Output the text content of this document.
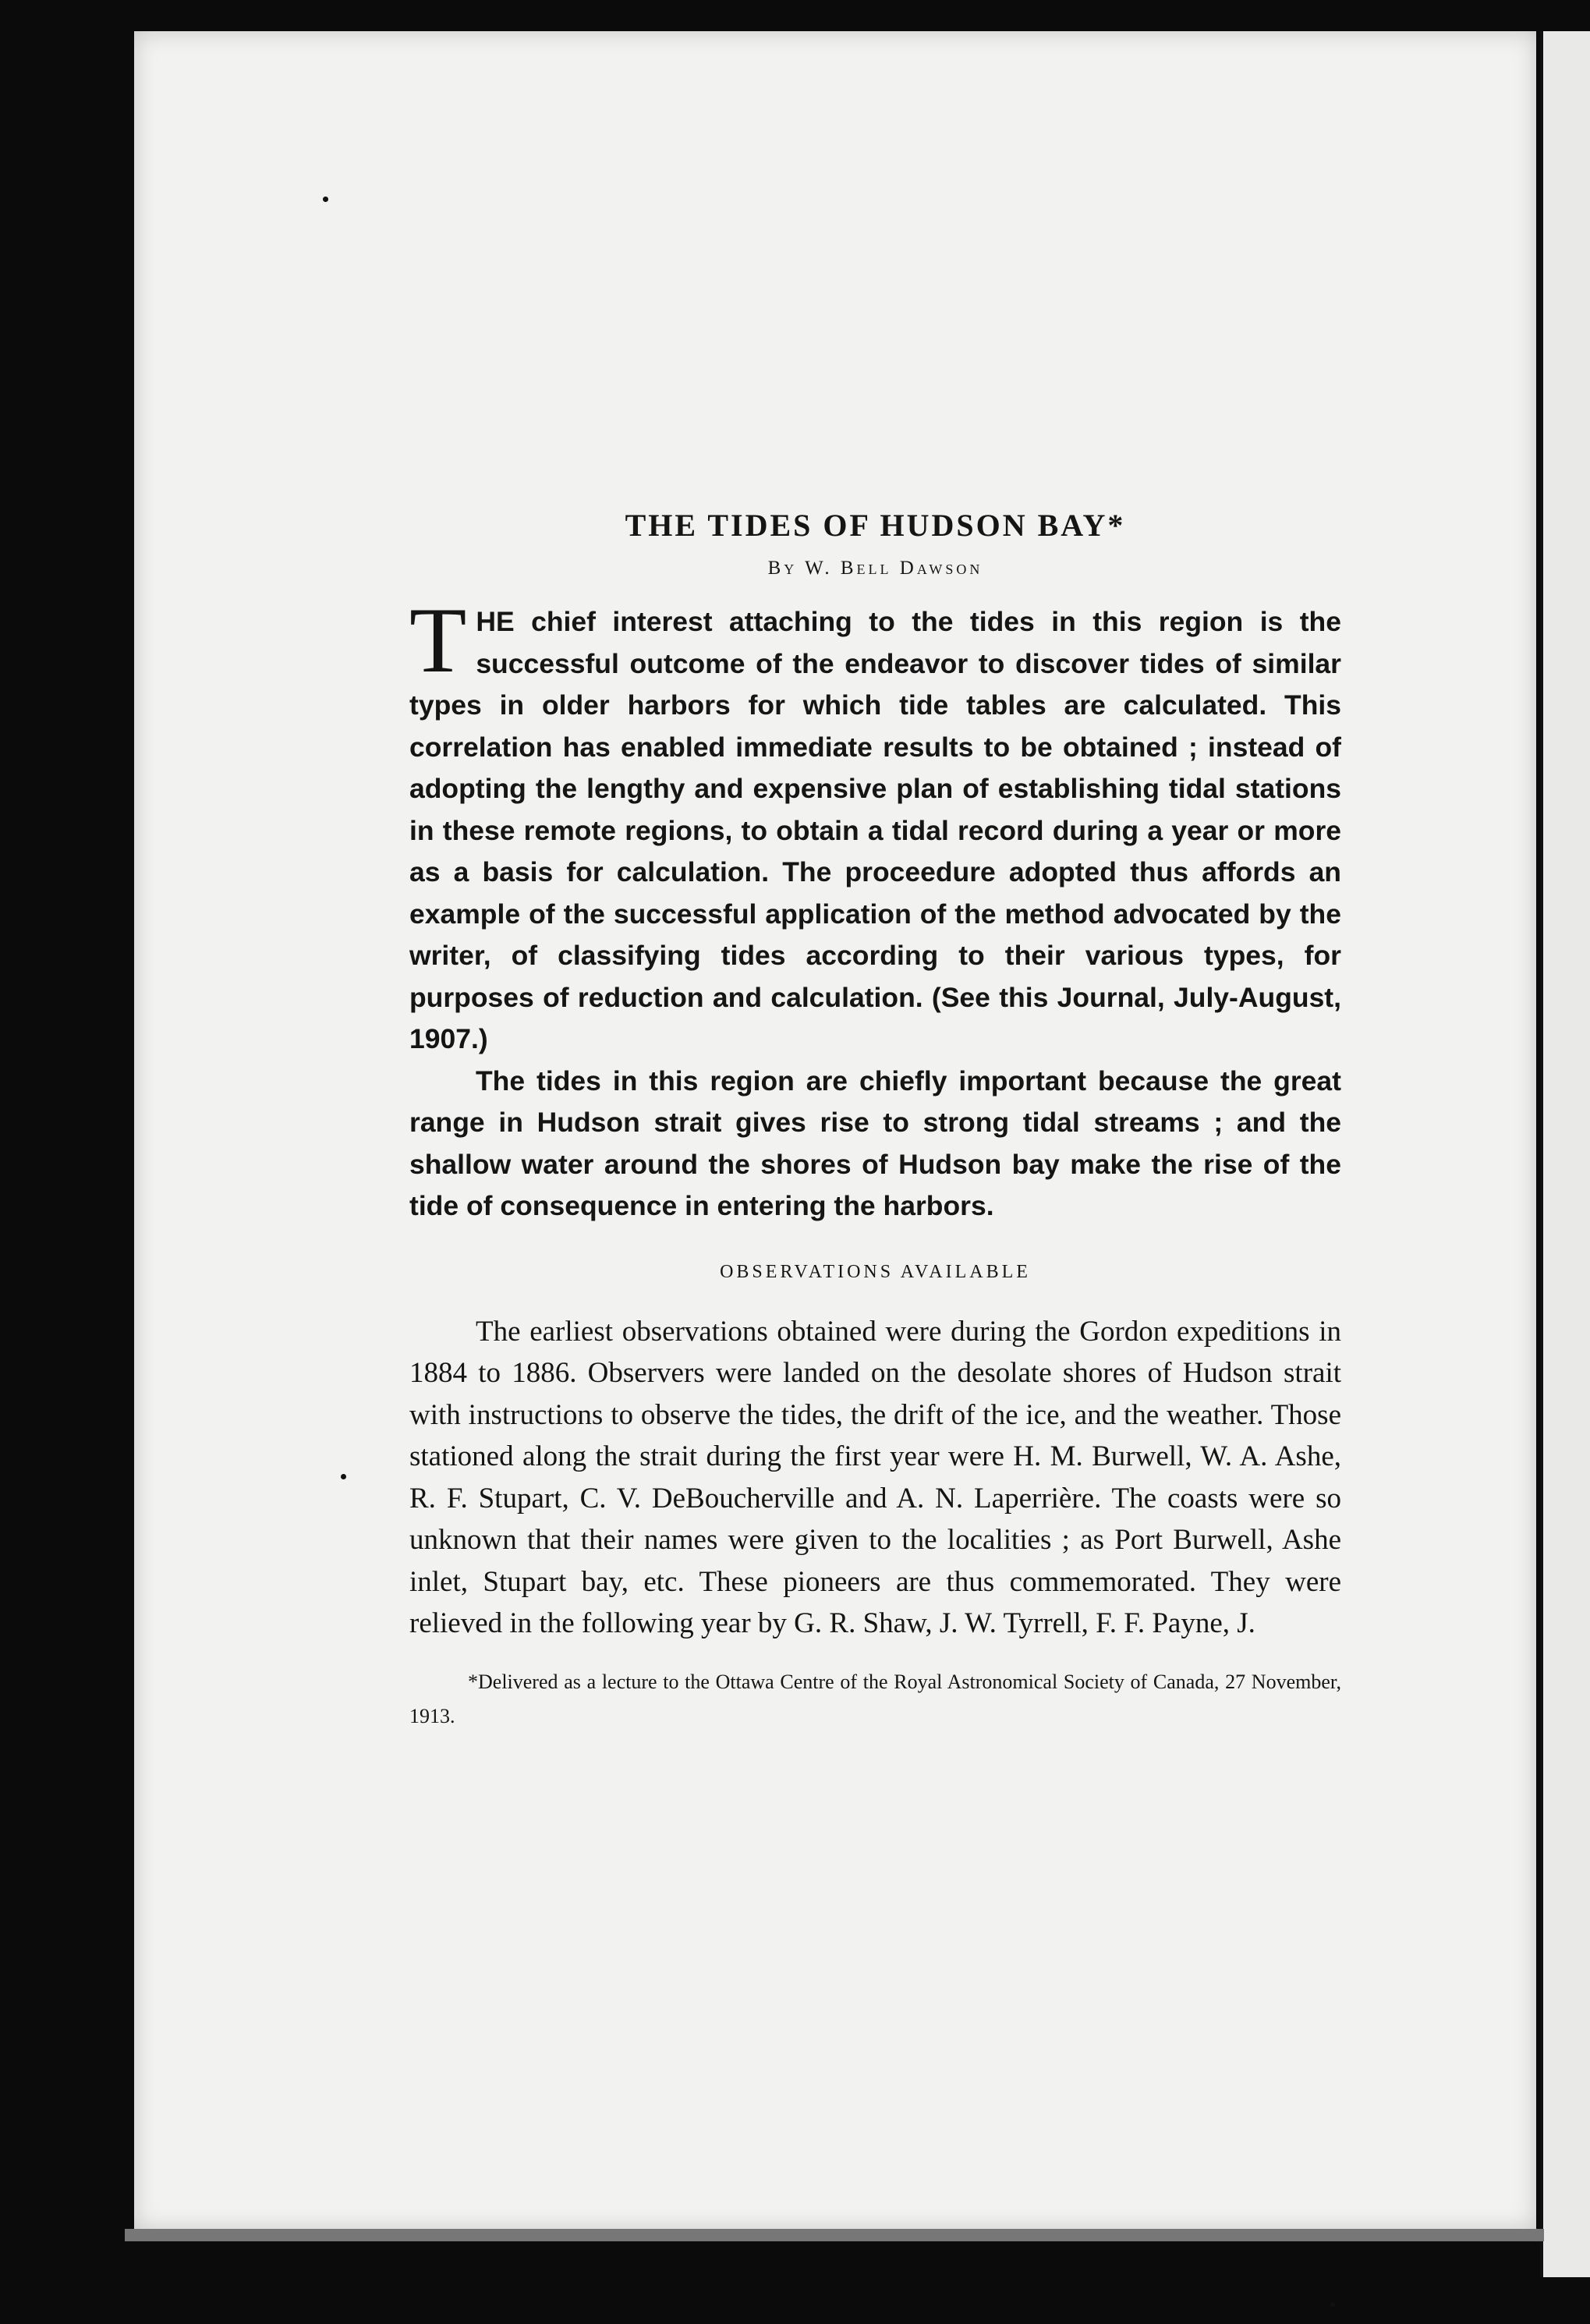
THE TIDES OF HUDSON BAY*
By W. Bell Dawson

THE chief interest attaching to the tides in this region is the successful outcome of the endeavor to discover tides of similar types in older harbors for which tide tables are calculated. This correlation has enabled immediate results to be obtained ; instead of adopting the lengthy and expensive plan of establishing tidal stations in these remote regions, to obtain a tidal record during a year or more as a basis for calculation. The proceedure adopted thus affords an example of the successful application of the method advocated by the writer, of classifying tides according to their various types, for purposes of reduction and calculation. (See this Journal, July-August, 1907.)

The tides in this region are chiefly important because the great range in Hudson strait gives rise to strong tidal streams ; and the shallow water around the shores of Hudson bay make the rise of the tide of consequence in entering the harbors.

OBSERVATIONS AVAILABLE

The earliest observations obtained were during the Gordon expeditions in 1884 to 1886. Observers were landed on the desolate shores of Hudson strait with instructions to observe the tides, the drift of the ice, and the weather. Those stationed along the strait during the first year were H. M. Burwell, W. A. Ashe, R. F. Stupart, C. V. DeBoucherville and A. N. Laperrière. The coasts were so unknown that their names were given to the localities ; as Port Burwell, Ashe inlet, Stupart bay, etc. These pioneers are thus commemorated. They were relieved in the following year by G. R. Shaw, J. W. Tyrrell, F. F. Payne, J.

*Delivered as a lecture to the Ottawa Centre of the Royal Astronomical Society of Canada, 27 November, 1913.
